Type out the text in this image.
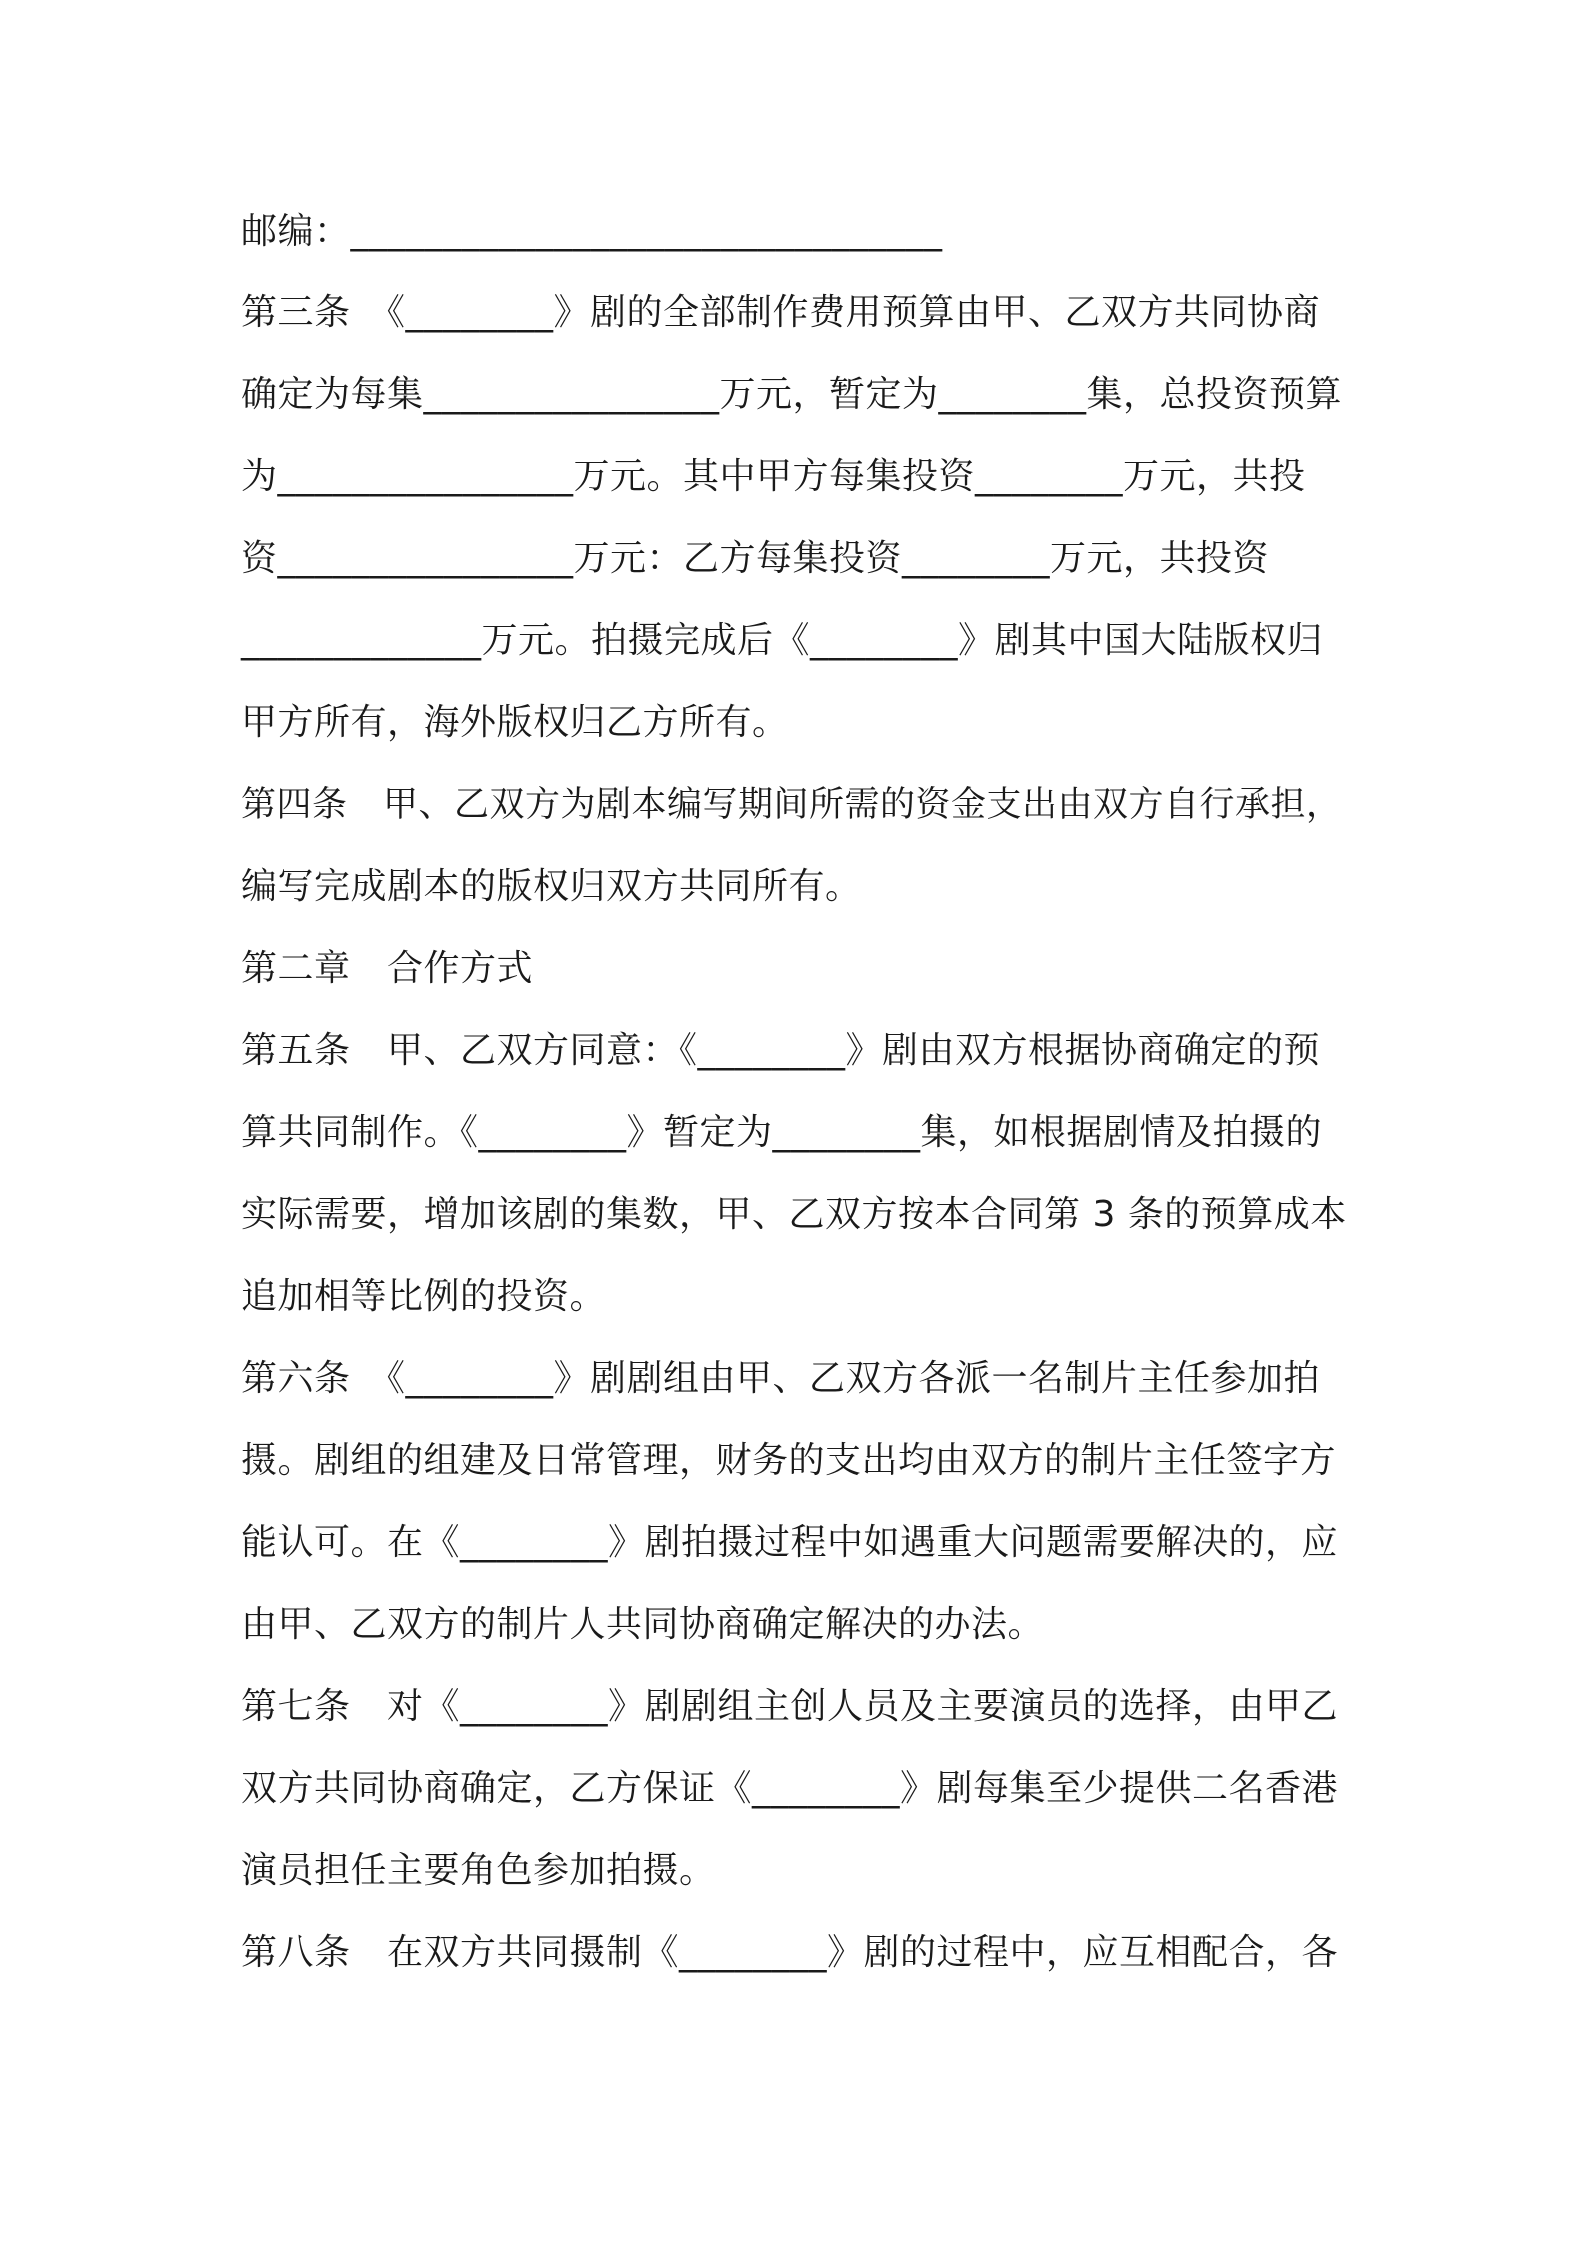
邮编：________________________________
第三条　《________》剧的全部制作费用预算由甲、乙双方共同协商
确定为每集________________万元，暂定为________集，总投资预算
为________________万元。其中甲方每集投资________万元，共投
资________________万元：乙方每集投资________万元，共投资
_____________万元。拍摄完成后《________》剧其中国大陆版权归
甲方所有，海外版权归乙方所有。
第四条　甲、乙双方为剧本编写期间所需的资金支出由双方自行承担，
编写完成剧本的版权归双方共同所有。
第二章　合作方式
第五条　甲、乙双方同意：《________》剧由双方根据协商确定的预
算共同制作。《________》暂定为________集，如根据剧情及拍摄的
实际需要，增加该剧的集数，甲、乙双方按本合同第 3 条的预算成本
追加相等比例的投资。
第六条　《________》剧剧组由甲、乙双方各派一名制片主任参加拍
摄。剧组的组建及日常管理，财务的支出均由双方的制片主任签字方
能认可。在《________》剧拍摄过程中如遇重大问题需要解决的，应
由甲、乙双方的制片人共同协商确定解决的办法。
第七条　对《________》剧剧组主创人员及主要演员的选择，由甲乙
双方共同协商确定，乙方保证《________》剧每集至少提供二名香港
演员担任主要角色参加拍摄。
第八条　在双方共同摄制《________》剧的过程中，应互相配合，各
